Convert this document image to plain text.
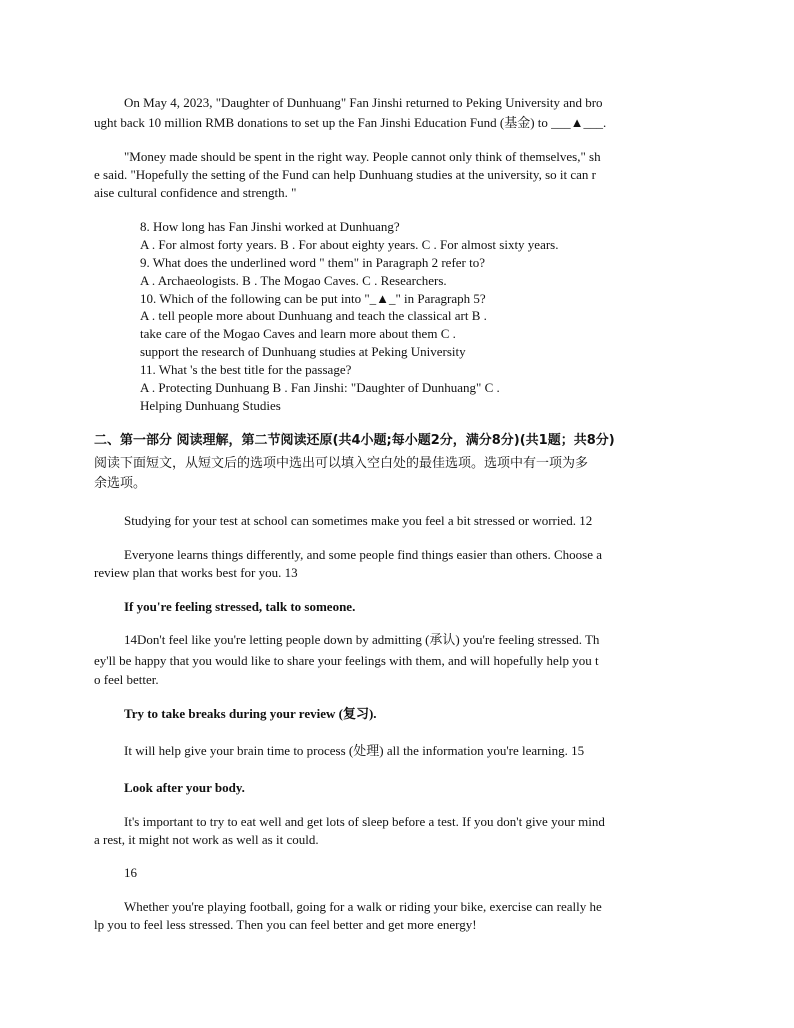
On May 4, 2023, "Daughter of Dunhuang" Fan Jinshi returned to Peking University and bro
ught back 10 million RMB donations to set up the Fan Jinshi Education Fund (基金) to ___▲___.
"Money made should be spent in the right way. People cannot only think of themselves," sh
e said. "Hopefully the setting of the Fund can help Dunhuang studies at the university, so it can r
aise cultural confidence and strength. "
8. How long has Fan Jinshi worked at Dunhuang?
A . For almost forty years. B . For about eighty years. C . For almost sixty years.
9. What does the underlined word " them" in Paragraph 2 refer to?
A . Archaeologists. B . The Mogao Caves. C . Researchers.
10. Which of the following can be put into "_▲_" in Paragraph 5?
A . tell people more about Dunhuang and teach the classical art B .
take care of the Mogao Caves and learn more about them C .
support the research of Dunhuang studies at Peking University
11. What 's the best title for the passage?
A . Protecting Dunhuang B . Fan Jinshi: "Daughter of Dunhuang" C .
Helping Dunhuang Studies
二、第一部分 阅读理解，第二节阅读还原(共4小题;每小题2分，满分8分)(共1题；共8分)
阅读下面短文，从短文后的选项中选出可以填入空白处的最佳选项。选项中有一项为多
余选项。
Studying for your test at school can sometimes make you feel a bit stressed or worried. 12
Everyone learns things differently, and some people find things easier than others. Choose a
review plan that works best for you. 13
If you're feeling stressed, talk to someone.
14Don't feel like you're letting people down by admitting (承认) you're feeling stressed. Th
ey'll be happy that you would like to share your feelings with them, and will hopefully help you t
o feel better.
Try to take breaks during your review (复习).
It will help give your brain time to process (处理) all the information you're learning. 15
Look after your body.
It's important to try to eat well and get lots of sleep before a test. If you don't give your mind
a rest, it might not work as well as it could.
16
Whether you're playing football, going for a walk or riding your bike, exercise can really he
lp you to feel less stressed. Then you can feel better and get more energy!
